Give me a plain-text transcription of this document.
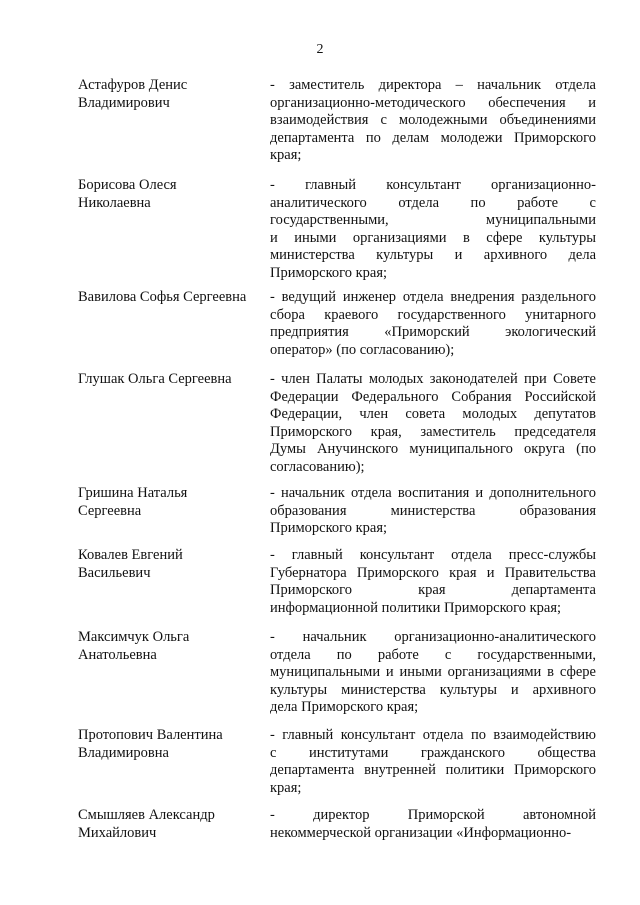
2
Астафуров Денис
Владимирович
- заместитель директора – начальник отдела
организационно-методического обеспечения и
взаимодействия с молодежными объединениями
департамента по делам молодежи Приморского
края;
Борисова Олеся
Николаевна
- главный консультант организационно-
аналитического отдела по работе с
государственными, муниципальными
и иными организациями в сфере культуры
министерства культуры и архивного дела
Приморского края;
Вавилова Софья Сергеевна	- ведущий инженер отдела внедрения раздельного
сбора краевого государственного унитарного
предприятия «Приморский экологический
оператор» (по согласованию);
Глушак Ольга Сергеевна	- член Палаты молодых законодателей при Совете
Федерации Федерального Собрания Российской
Федерации, член совета молодых депутатов
Приморского края, заместитель председателя
Думы Анучинского муниципального округа (по
согласованию);
Гришина Наталья
Сергеевна
- начальник отдела воспитания и дополнительного
образования министерства образования
Приморского края;
Ковалев Евгений
Васильевич
- главный консультант отдела пресс-службы
Губернатора Приморского края и Правительства
Приморского края департамента
информационной политики Приморского края;
Максимчук Ольга
Анатольевна
- начальник организационно-аналитического
отдела по работе с государственными,
муниципальными и иными организациями в сфере
культуры министерства культуры и архивного
дела Приморского края;
Протопович Валентина
Владимировна
- главный консультант отдела по взаимодействию
с институтами гражданского общества
департамента внутренней политики Приморского
края;
Смышляев Александр
Михайлович
- директор Приморской автономной
некоммерческой организации «Информационно-
